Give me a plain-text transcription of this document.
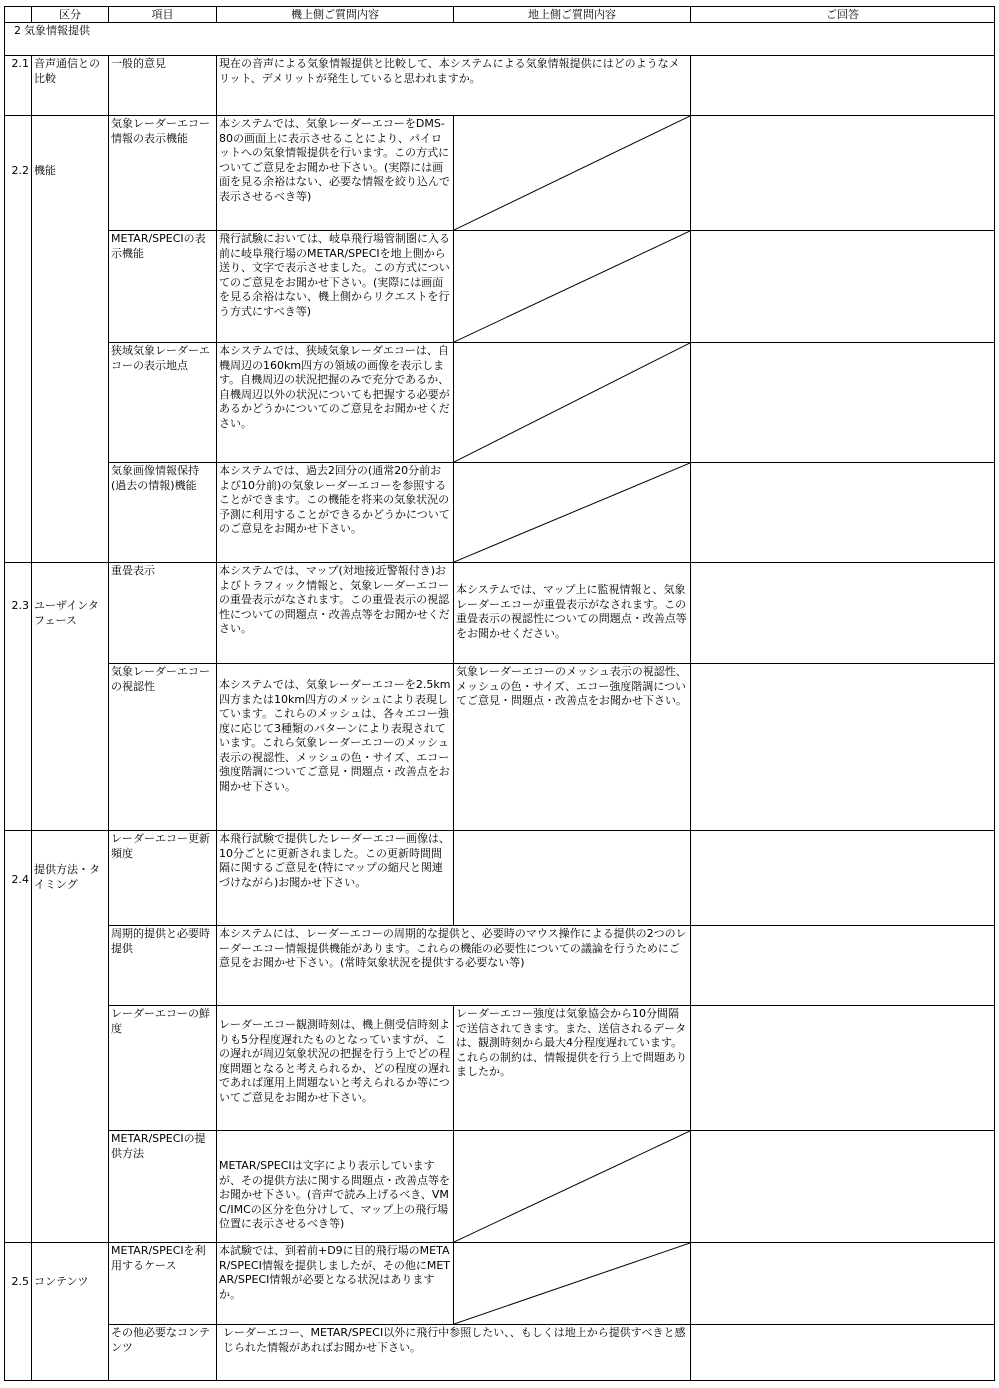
	区分	項目	機上側ご質問内容	地上側ご質問内容	ご回答
2 気象情報提供					
2.1	音声通信との比較	一般的意見	現在の音声による気象情報提供と比較して、本システムによる気象情報提供にはどのようなメリット、デメリットが発生していると思われますか。		
2.2	機能	気象レーダーエコー情報の表示機能	本システムでは、気象レーダーエコーをDMS-80の画面上に表示させることにより、パイロットへの気象情報提供を行います。この方式についてご意見をお聞かせ下さい。(実際には画面を見る余裕はない、必要な情報を絞り込んで表示させるべき等)	

		METAR/SPECIの表示機能	飛行試験においては、岐阜飛行場管制圏に入る前に岐阜飛行場のMETAR/SPECIを地上側から送り、文字で表示させました。この方式についてのご意見をお聞かせ下さい。(実際には画面を見る余裕はない、機上側からリクエストを行う方式にすべき等)	

		狭域気象レーダーエコーの表示地点	本システムでは、狭域気象レーダエコーは、自機周辺の160km四方の領域の画像を表示します。自機周辺の状況把握のみで充分であるか、自機周辺以外の状況についても把握する必要があるかどうかについてのご意見をお聞かせください。	

		気象画像情報保持(過去の情報)機能	本システムでは、過去2回分の(通常20分前および10分前)の気象レーダーエコーを参照することができます。この機能を将来の気象状況の予測に利用することができるかどうかについてのご意見をお聞かせ下さい。	

2.3	ユーザインタフェース	重畳表示	本システムでは、マップ(対地接近警報付き)およびトラフィック情報と、気象レーダーエコーの重畳表示がなされます。この重畳表示の視認性についての問題点・改善点等をお聞かせください。	本システムでは、マップ上に監視情報と、気象レーダーエコーが重畳表示がなされます。この重畳表示の視認性についての問題点・改善点等をお聞かせください。	
		気象レーダーエコーの視認性	本システムでは、気象レーダーエコーを2.5km四方または10km四方のメッシュにより表現しています。これらのメッシュは、各々エコー強度に応じて3種類のパターンにより表現されています。これら気象レーダーエコーのメッシュ表示の視認性、メッシュの色・サイズ、エコー強度階調についてご意見・問題点・改善点をお聞かせ下さい。	気象レーダーエコーのメッシュ表示の視認性、メッシュの色・サイズ、エコー強度階調についてご意見・問題点・改善点をお聞かせ下さい。	
2.4	提供方法・タイミング	レーダーエコー更新頻度	本飛行試験で提供したレーダーエコー画像は、10分ごとに更新されました。この更新時間間隔に関するご意見を(特にマップの縮尺と関連づけながら)お聞かせ下さい。		
		周期的提供と必要時提供	本システムには、レーダーエコーの周期的な提供と、必要時のマウス操作による提供の2つのレーダーエコー情報提供機能があります。これらの機能の必要性についての議論を行うためにご意見をお聞かせ下さい。(常時気象状況を提供する必要ない等)		
		レーダーエコーの鮮度	レーダーエコー観測時刻は、機上側受信時刻よりも5分程度遅れたものとなっていますが、この遅れが周辺気象状況の把握を行う上でどの程度問題となると考えられるか、どの程度の遅れであれば運用上問題ないと考えられるか等についてご意見をお聞かせ下さい。	レーダーエコー強度は気象協会から10分間隔で送信されてきます。また、送信されるデータは、観測時刻から最大4分程度遅れています。これらの制約は、情報提供を行う上で問題ありましたか。	
		METAR/SPECIの提供方法	METAR/SPECIは文字により表示していますが、その提供方法に関する問題点・改善点等をお聞かせ下さい。(音声で読み上げるべき、VMC/IMCの区分を色分けして、マップ上の飛行場位置に表示させるべき等)	

2.5	コンテンツ	METAR/SPECIを利用するケース	本試験では、到着前+D9に目的飛行場のMETAR/SPECI情報を提供しましたが、その他にMETAR/SPECI情報が必要となる状況はありますか。	

		その他必要なコンテンツ	レーダーエコー、METAR/SPECI以外に飛行中参照したい、、もしくは地上から提供すべきと感じられた情報があればお聞かせ下さい。		
